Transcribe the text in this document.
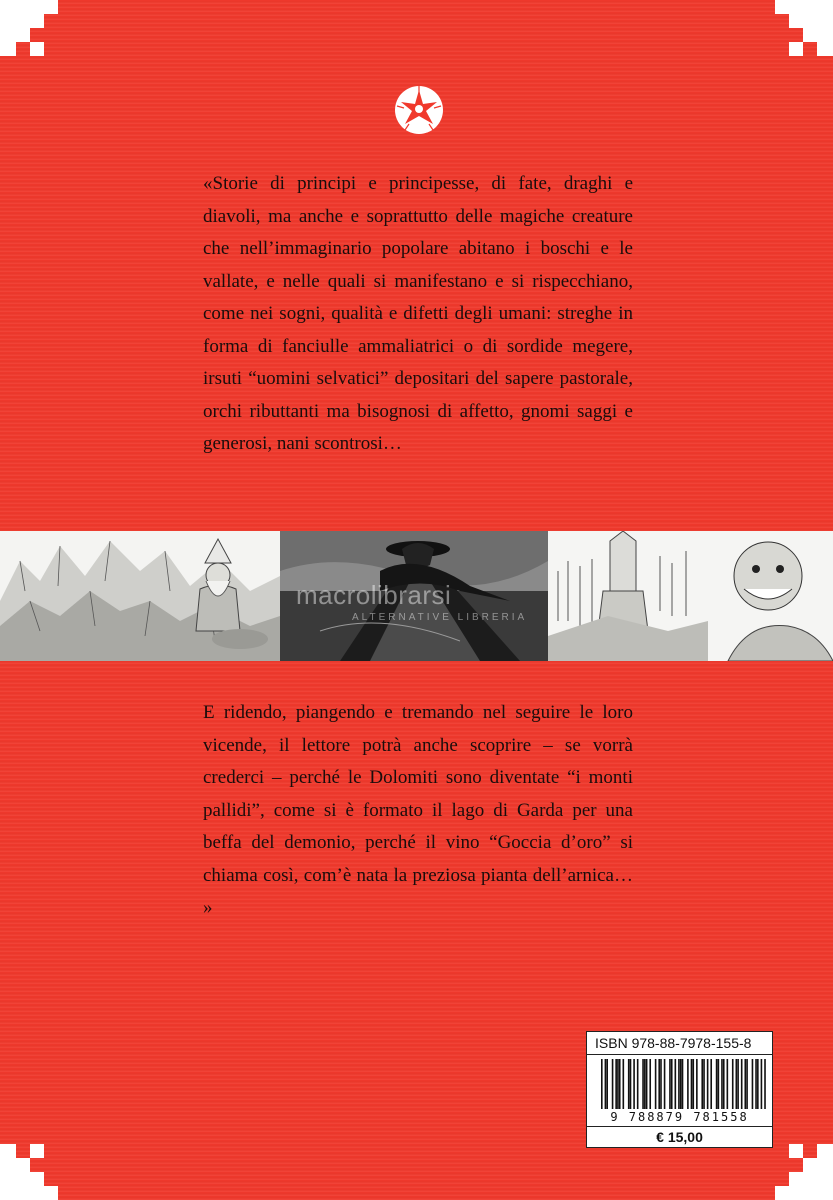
«Storie di principi e principesse, di fate, draghi e diavoli, ma anche e soprattutto delle magiche creature che nell’immaginario popolare abitano i boschi e le vallate, e nelle quali si manifestano e si rispecchiano, come nei sogni, qualità e difetti degli umani: streghe in forma di fanciulle ammaliatrici o di sordide megere, irsuti “uomini selvatici” depositari del sapere pastorale, orchi ributtanti ma bisognosi di affetto, gnomi saggi e generosi, nani scontrosi…
macrolibrarsi
ALTERNATIVE LIBRERIA
E ridendo, piangendo e tremando nel seguire le loro vicende, il lettore potrà anche scoprire – se vorrà crederci – perché le Dolomiti sono diventate “i monti pallidi”, come si è formato il lago di Garda per una beffa del demonio, perché il vino “Goccia d’oro” si chiama così, com’è nata la preziosa pianta dell’arnica… »
ISBN 978-88-7978-155-8
9 788879 781558
€ 15,00
